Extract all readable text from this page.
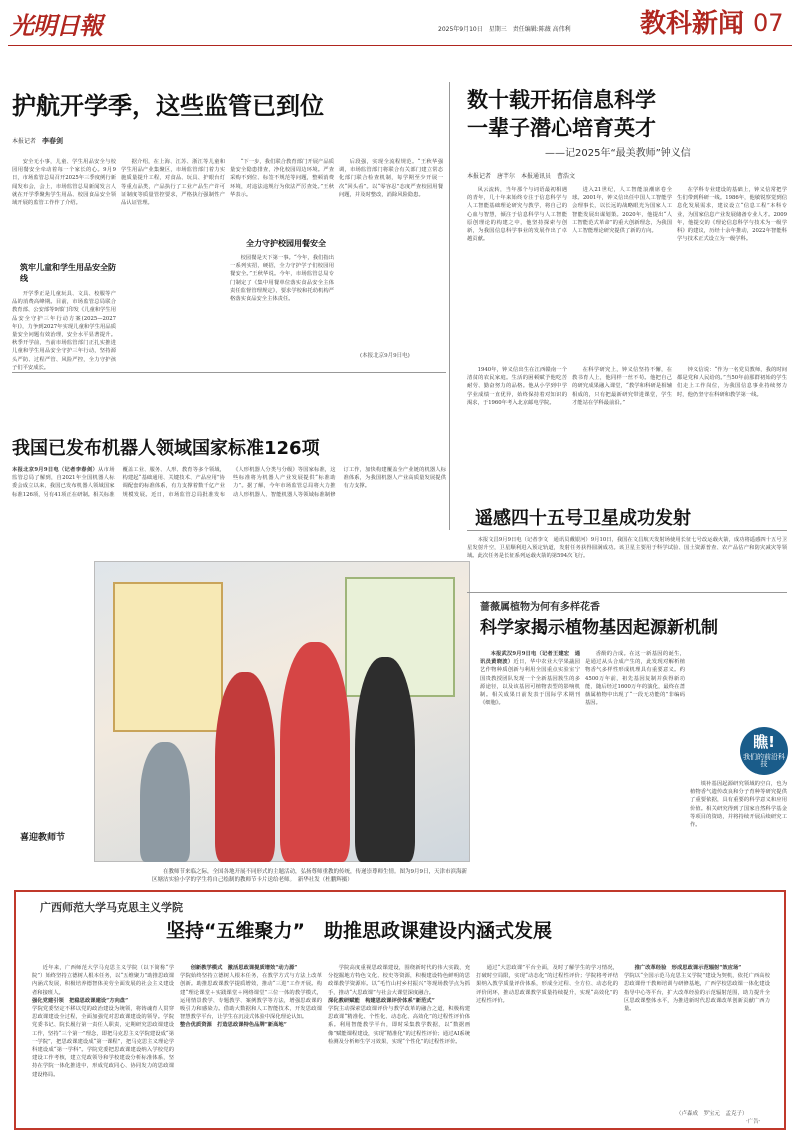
光明日報	2025年9月10日　星期三　责任编辑:陈薇 高伟利	教科新闻 07
护航开学季，这些监管已到位
本报记者　 李春剑
安全无小事，儿童、学生用品安全与校园用餐安全牵动着每一个家长的心。9月9日，市场监管总局召开2025年三季度例行新闻发布会，会上，市场监管总局新闻发言人就在开学季聚焦学生用品、校园食品安全领域开展的监管工作作了介绍。
筑牢儿童和学生用品安全防线
开学季正是儿童玩具、文具、校服等产品的消费高峰期。目前，市场监管总局联合教育部、公安部等9部门印发《儿童和学生用品安全守护三年行动方案(2025—2027年)》，力争到2027年实现儿童和学生用品质量安全问题有效治理，安全水平显著提升。秋季开学前，当前市场监管部门正扎实推进儿童和学生用品安全守护三年行动，坚持源头严防、过程严管、风险严控，全力守护孩子们平安成长。
据介绍，在上海、江苏、浙江等儿童和学生用品产业集聚区，市场监管部门着力实施质量提升工程，对食品、玩具、护眼台灯等重点品类，产品执行了工业产品生产许可证制度等质量管控要求，严格执行强制性产品认证管理。
“下一步，我们联合教育部门开展产品质量安全隐患排查，净化校园周边环境。严查采购不到位、标签不规范等问题，整顿消费环境，对违法违规行为依法严厉查处。”王秋华表示。
全力守护校园用餐安全
校园餐是天下第一事。“今年，我们指出一系列实招，硬招，全力守护学子们校园用餐安全。”王秋华说。今年，市场监管总局专门制定了《集中用餐单位落实食品安全主体责任监督管理规定》，要求学校和托幼机构严格落实食品安全主体责任。
后段强，实现全流程规范。“王秋华强调，市场监管部门将联合有关部门建立常态化部门联合检查机制，每学期至少开展一次“回头看”。以“零容忍”态度严查校园用餐问题，并及时整改，消除风险隐患。
(本报北京9月9日电)
数十载开拓信息科学
一辈子潜心培育英才
——记2025年“最美教师”钟义信
本报记者　唐芊尔　本报通讯员　曹浩文
风云流转，当年那个与词语最初相遇的青年，几十年来始终专注于信息科学与人工智能基础理论研究与教学，将自己的心血与智慧，倾注于信息科学与人工智能原创理论的构建之中，他坚持探索与创新，为我国信息科学事业的发展作出了卓越贡献。
1940年，钟义信出生在江西赣南一个清贫的农民家庭。生活的困顿赋予他吃苦耐劳、勤奋努力的品格。他从小学到中学学业成绩一直优异，始终保持着对知识的渴求，于1960年考入北京邮电学院。
进入21世纪，人工智能浪潮席卷全球。2001年，钟义信出任中国人工智能学会理事长，以长远的战略眼光为国家人工智能发展出谋划策。2020年，他提出“人工智能范式革命”的重大创新理念，为我国人工智能理论研究提供了新的方向。
在科学研究上，钟义信坚持不懈，在教书育人上，他同样一丝不苟。他把自己的研究成果融入课堂，“教学和科研是相辅相成的，只有把最新研究带进课堂，学生才能站在学科最前沿。”
在学科专业建设的基础上，钟义信常把学生们带到科研一线。1986年，他敏锐察觉到信息化发展需求，建议设立“信息工程”本科专业，为国家信息产业发展储备专业人才。2009年，他提交的《理论信息科学与技术为一级学科》的建议，历经十余年推动，2022年智能科学与技术正式设立为一级学科。
钟义信说：“作为一名党员教师，我的时间都是党和人民给的。”当50年前那群初始的学生们走上工作岗位，为我国信息事业持续努力时，他仍坚守在科研和教学第一线。
我国已发布机器人领域国家标准126项
本报北京9月9日电（记者李春剑）从市场监管总局了解到，自2021年全国机器人标委会成立以来，我国已发布机器人领域国家标准126项，另有41项正在研制。相关标准覆盖工业、服务、人形、教育等多个领域，构建起“基础通用、关键技术、产品应用”协调配套的标准体系，有力支撑着数千亿产业规模发展。近日，市场监管总局批准发布《人形机器人分类与分级》等国家标准，这些标准将为机器人产业发展提供“标准助力”。据了解，今年市场监管总局将大力推动人形机器人、智能机器人等领域标准制修订工作，加快构建覆盖全产业链的机器人标准体系，为我国机器人产业高质量发展提供有力支撑。
遥感四十五号卫星成功发射
本报文昌9月9日电（记者李文　通讯员戴银河）9月10日，我国在文昌航天发射场使用长征七号改运载火箭，成功将遥感四十五号卫星发射升空，卫星顺利进入预定轨道，发射任务获得圆满成功。该卫星主要用于科学试验、国土资源普查、农产品估产和防灾减灾等领域。此次任务是长征系列运载火箭的第594次飞行。
喜迎教师节
在教师节来临之际，全国各地开展不同形式的主题活动，弘扬尊师重教的传统，传递崇尊师生情。图为9月9日，天津市滨海新区塘沽实验小学的学生将自己绘制的教师节卡片送给老师。　新华社发（杜鹏辉摄）
蔷薇属植物为何有多样花香
科学家揭示植物基因起源新机制
本报武汉9月9日电（记者王建宏　通讯员黄晓波）近日，华中农业大学果蔬园艺作物种质创新与利用全国重点实验室宁国贵教授团队发现一个全新基因簇生的多源途径，以及该基因可植物表型的影响机制。相关成果日前发表于国际学术期刊《细胞》。
香酚的合成。在这一新基因的诞生，是通过从头合成产生的，此发现对解析植物香气多样性形成机理具有重要意义。约4500万年前，祖先基因复制并获得新功能，随后经过1600万年的演化，最终在蔷薇属植物中出现了“一段无功能的”非编码基因。
填补基因起源研究领域的空白，也为植物香气遗传改良和分子育种等研究提供了重要依据，具有重要的科学意义和应用价值。相关研究得到了国家自然科学基金等项目的资助，并将持续开展后续研究工作。
瞧!
我们的前沿科技
广西师范大学马克思主义学院
坚持“五维聚力”　助推思政课建设内涵式发展
近年来，广西师范大学马克思主义学院（以下简称“学院”）始终坚持立德树人根本任务，以“五维聚力”助推思政课内涵式发展，积极培养德智体美劳全面发展的社会主义建设者和接班人。
强化党建引领　把稳思政课建设“方向盘”
学院党委坚定不移以党的政治建设为统领，将铸魂育人贯穿思政课建设全过程，全面加强党对思政课建设的领导。学院党委书记、院长履行第一责任人职责，定期研究思政课建设工作，坚持“三个第一”理念，即把马克思主义学院建设成“第一学院”，把思政课建设成“第一课程”，把马克思主义理论学科建设成“第一学科”。学院党委把思政课建设纳入学校党的建设工作考核，建立党政领导和学校建设分析标准体系，坚持在学院一体化推进中，形成党政同心、协同发力的思政课建设格局。
创新教学模式　激活思政课提质增效“动力源”
学院始终坚持立德树人根本任务，在教学方式与方法上改革创新。助推思政课教学提质增效，推动“三进”工作开展。构建“理论课堂＋实践课堂＋网络课堂”三位一体的教学模式，运用情景教学、专题教学、案例教学等方法，增强思政课的吸引力和感染力。借助大数据和人工智能技术，开发思政课智慧教学平台，让学生在沉浸式体验中深化理论认知。
整合优质资源　打造思政课特色品牌“新高地”
学院高度重视思政课建设，围绕新时代的伟大实践，充分挖掘地方特色文化、校史等资源，积极建设特色鲜明的思政课教学资源库。以“毛竹山村乡村振兴”等现场教学点为抓手，推动“大思政课”与社会大课堂深度融合。
深化教研赋能　构建思政课评价体系“新范式”
学院主动探索思政课评价与教学改革的融合之道，积极构建思政课“精准化、个性化、动态化、高效化”的过程性评价体系。利用智能教学平台，即时采集教学数据，以“数据画像”赋能课程建设，实现“精准化”的过程性评价；通过AI系统检测及分析师生学习效果，实现“个性化”的过程性评价。
通过“大思政课”平台全面，及时了解学生的学习情况，打破时空局限，实现“动态化”的过程性评价；学院将考评结果纳入教学质量评价体系，形成全过程、全方位、动态化的评价闭环，推动思政课教学质量持续提升，实现“高效化”的过程性评价。
推广改革经验　形成思政课示范辐射“效应场”
学院以“全国示范马克思主义学院”建设为契机，依托广西高校思政课骨干教师培训与研修基地，广西学校思政课一体化建设指导中心等平台，扩大改革经验的示范辐射范围，助力提升全区思政课整体水平，为推进新时代思政课改革创新贡献广西力量。
（卢森成　罗宝元　孟克子）
·广告·
